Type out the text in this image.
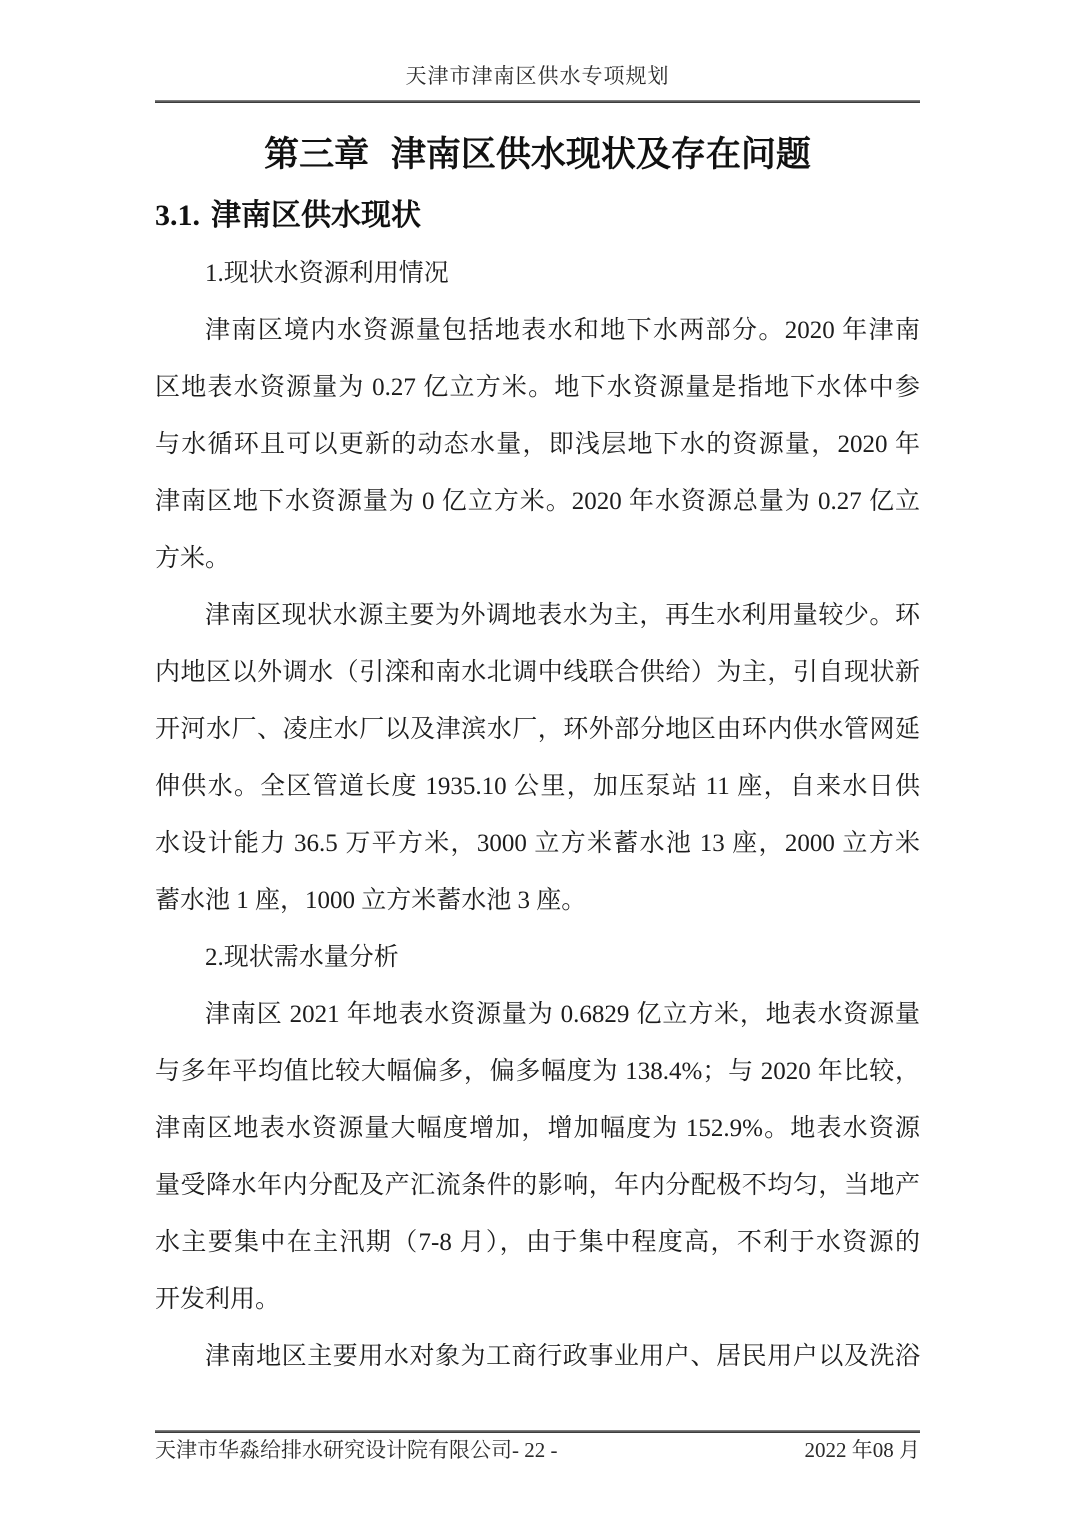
天津市津南区供水专项规划
第三章 津南区供水现状及存在问题
3.1. 津南区供水现状
1.现状水资源利用情况
津南区境内水资源量包括地表水和地下水两部分。2020 年津南
区地表水资源量为 0.27 亿立方米。地下水资源量是指地下水体中参
与水循环且可以更新的动态水量，即浅层地下水的资源量，2020 年
津南区地下水资源量为 0 亿立方米。2020 年水资源总量为 0.27 亿立
方米。
津南区现状水源主要为外调地表水为主，再生水利用量较少。环
内地区以外调水（引滦和南水北调中线联合供给）为主，引自现状新
开河水厂、凌庄水厂以及津滨水厂，环外部分地区由环内供水管网延
伸供水。全区管道长度 1935.10 公里，加压泵站 11 座，自来水日供
水设计能力 36.5 万平方米，3000 立方米蓄水池 13 座，2000 立方米
蓄水池 1 座，1000 立方米蓄水池 3 座。
2.现状需水量分析
津南区 2021 年地表水资源量为 0.6829 亿立方米，地表水资源量
与多年平均值比较大幅偏多，偏多幅度为 138.4%；与 2020 年比较，
津南区地表水资源量大幅度增加，增加幅度为 152.9%。地表水资源
量受降水年内分配及产汇流条件的影响，年内分配极不均匀，当地产
水主要集中在主汛期（7-8 月），由于集中程度高，不利于水资源的
开发利用。
津南地区主要用水对象为工商行政事业用户、居民用户以及洗浴
天津市华淼给排水研究设计院有限公司 - 22 -	2022 年08 月
